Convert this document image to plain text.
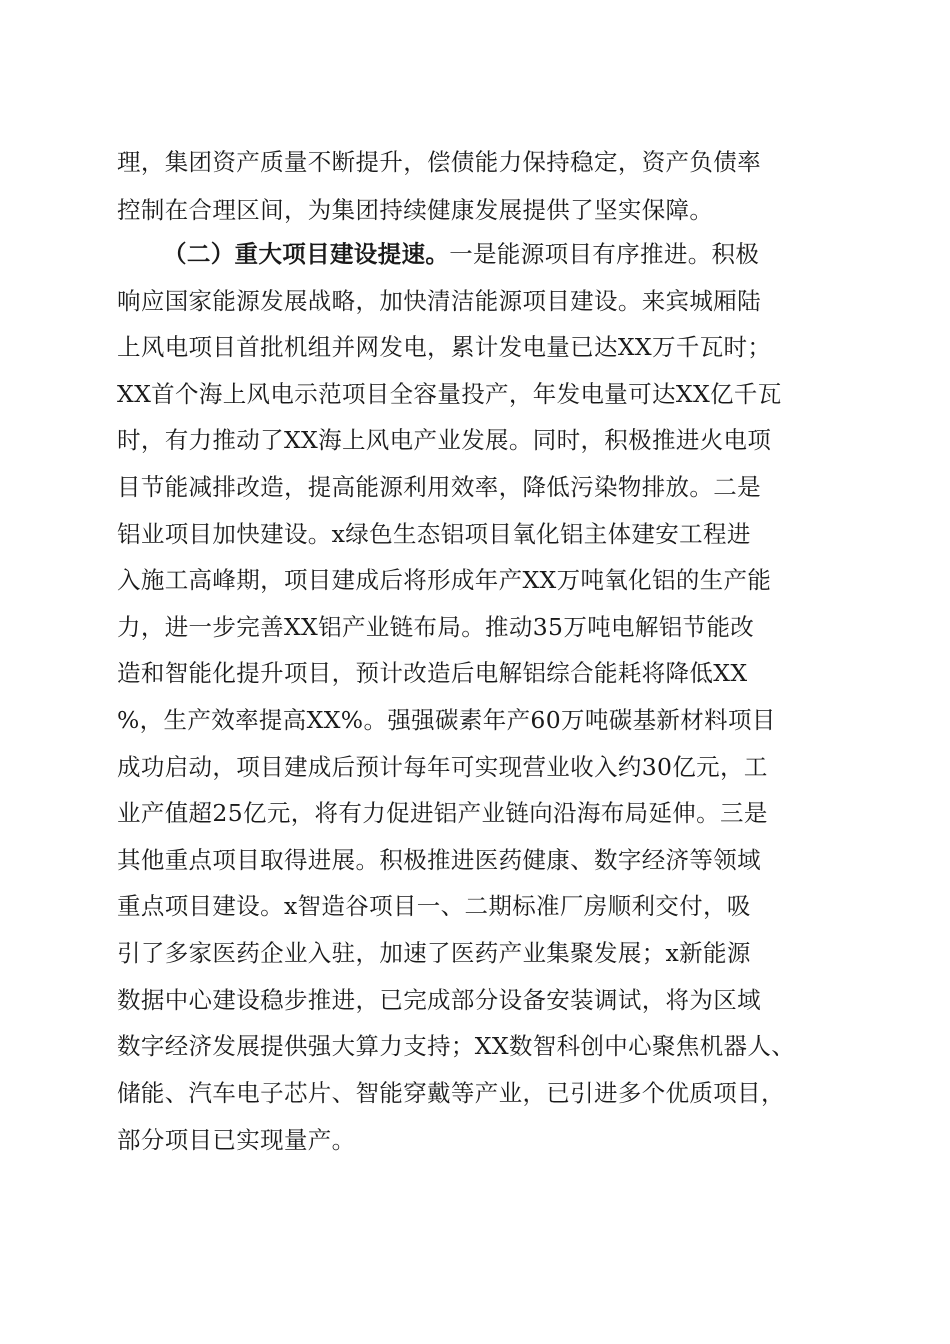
理，集团资产质量不断提升，偿债能力保持稳定，资产负债率
控制在合理区间，为集团持续健康发展提供了坚实保障。
（二）重大项目建设提速。一是能源项目有序推进。积极
响应国家能源发展战略，加快清洁能源项目建设。来宾城厢陆
上风电项目首批机组并网发电，累计发电量已达XX万千瓦时；
XX首个海上风电示范项目全容量投产，年发电量可达XX亿千瓦
时，有力推动了XX海上风电产业发展。同时，积极推进火电项
目节能减排改造，提高能源利用效率，降低污染物排放。二是
铝业项目加快建设。x绿色生态铝项目氧化铝主体建安工程进
入施工高峰期，项目建成后将形成年产XX万吨氧化铝的生产能
力，进一步完善XX铝产业链布局。推动35万吨电解铝节能改
造和智能化提升项目，预计改造后电解铝综合能耗将降低XX
%，生产效率提高XX%。强强碳素年产60万吨碳基新材料项目
成功启动，项目建成后预计每年可实现营业收入约30亿元，工
业产值超25亿元，将有力促进铝产业链向沿海布局延伸。三是
其他重点项目取得进展。积极推进医药健康、数字经济等领域
重点项目建设。x智造谷项目一、二期标准厂房顺利交付，吸
引了多家医药企业入驻，加速了医药产业集聚发展；x新能源
数据中心建设稳步推进，已完成部分设备安装调试，将为区域
数字经济发展提供强大算力支持；XX数智科创中心聚焦机器人、
储能、汽车电子芯片、智能穿戴等产业，已引进多个优质项目，
部分项目已实现量产。
